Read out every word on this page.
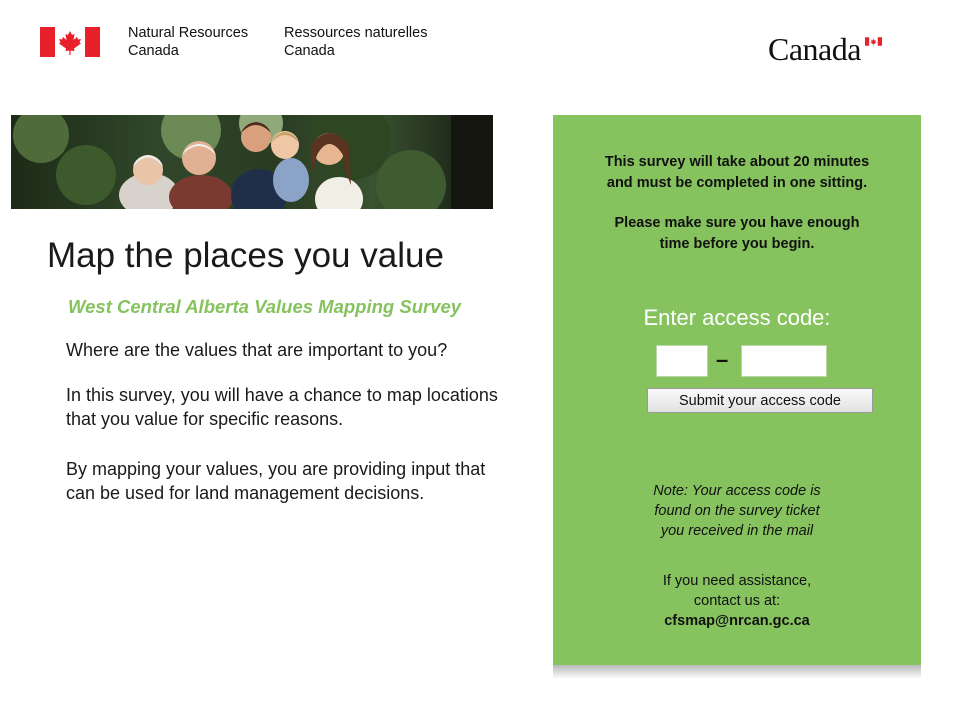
Natural Resources
Canada
Ressources naturelles
Canada	Canada
Map the places you value
West Central Alberta Values Mapping Survey

Where are the values that are important to you?

In this survey, you will have a chance to map locations that you value for specific reasons.

By mapping your values, you are providing input that can be used for land management decisions.

This survey will take about 20 minutes
and must be completed in one sitting.
Please make sure you have enough
time before you begin.
Enter access code:
–
Submit your access code
Note: Your access code is
found on the survey ticket
you received in the mail
If you need assistance,
contact us at:
cfsmap@nrcan.gc.ca
